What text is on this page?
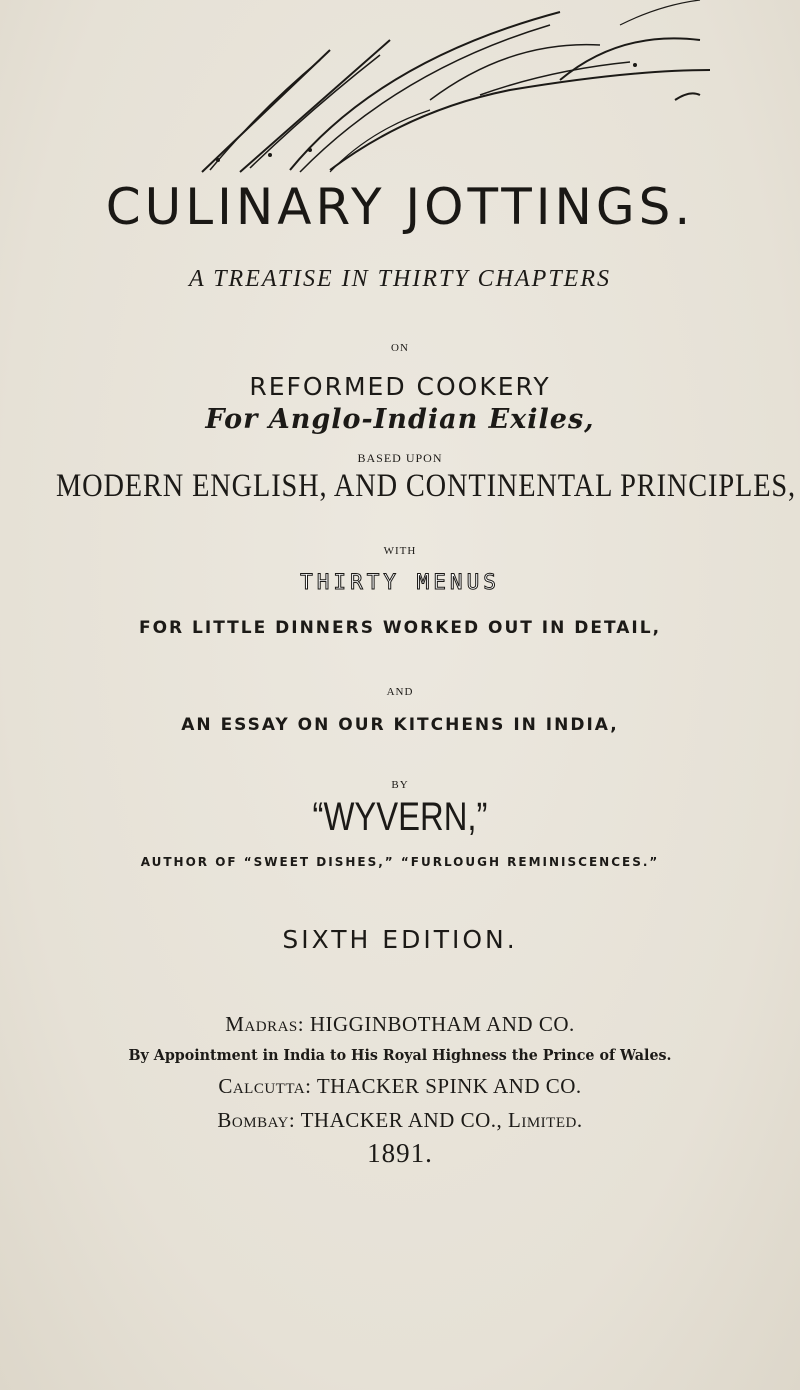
CULINARY JOTTINGS.
A TREATISE IN THIRTY CHAPTERS
ON
REFORMED COOKERY
For Anglo-Indian Exiles,
BASED UPON
MODERN ENGLISH, AND CONTINENTAL PRINCIPLES,
WITH
THIRTY MENUS
FOR LITTLE DINNERS WORKED OUT IN DETAIL,
AND
AN ESSAY ON OUR KITCHENS IN INDIA,
BY
“WYVERN,”
AUTHOR OF “SWEET DISHES,” “FURLOUGH REMINISCENCES.”
SIXTH EDITION.
Madras: HIGGINBOTHAM AND CO.
By Appointment in India to His Royal Highness the Prince of Wales.
Calcutta: THACKER SPINK AND CO.
Bombay: THACKER AND CO., Limited.
1891.
